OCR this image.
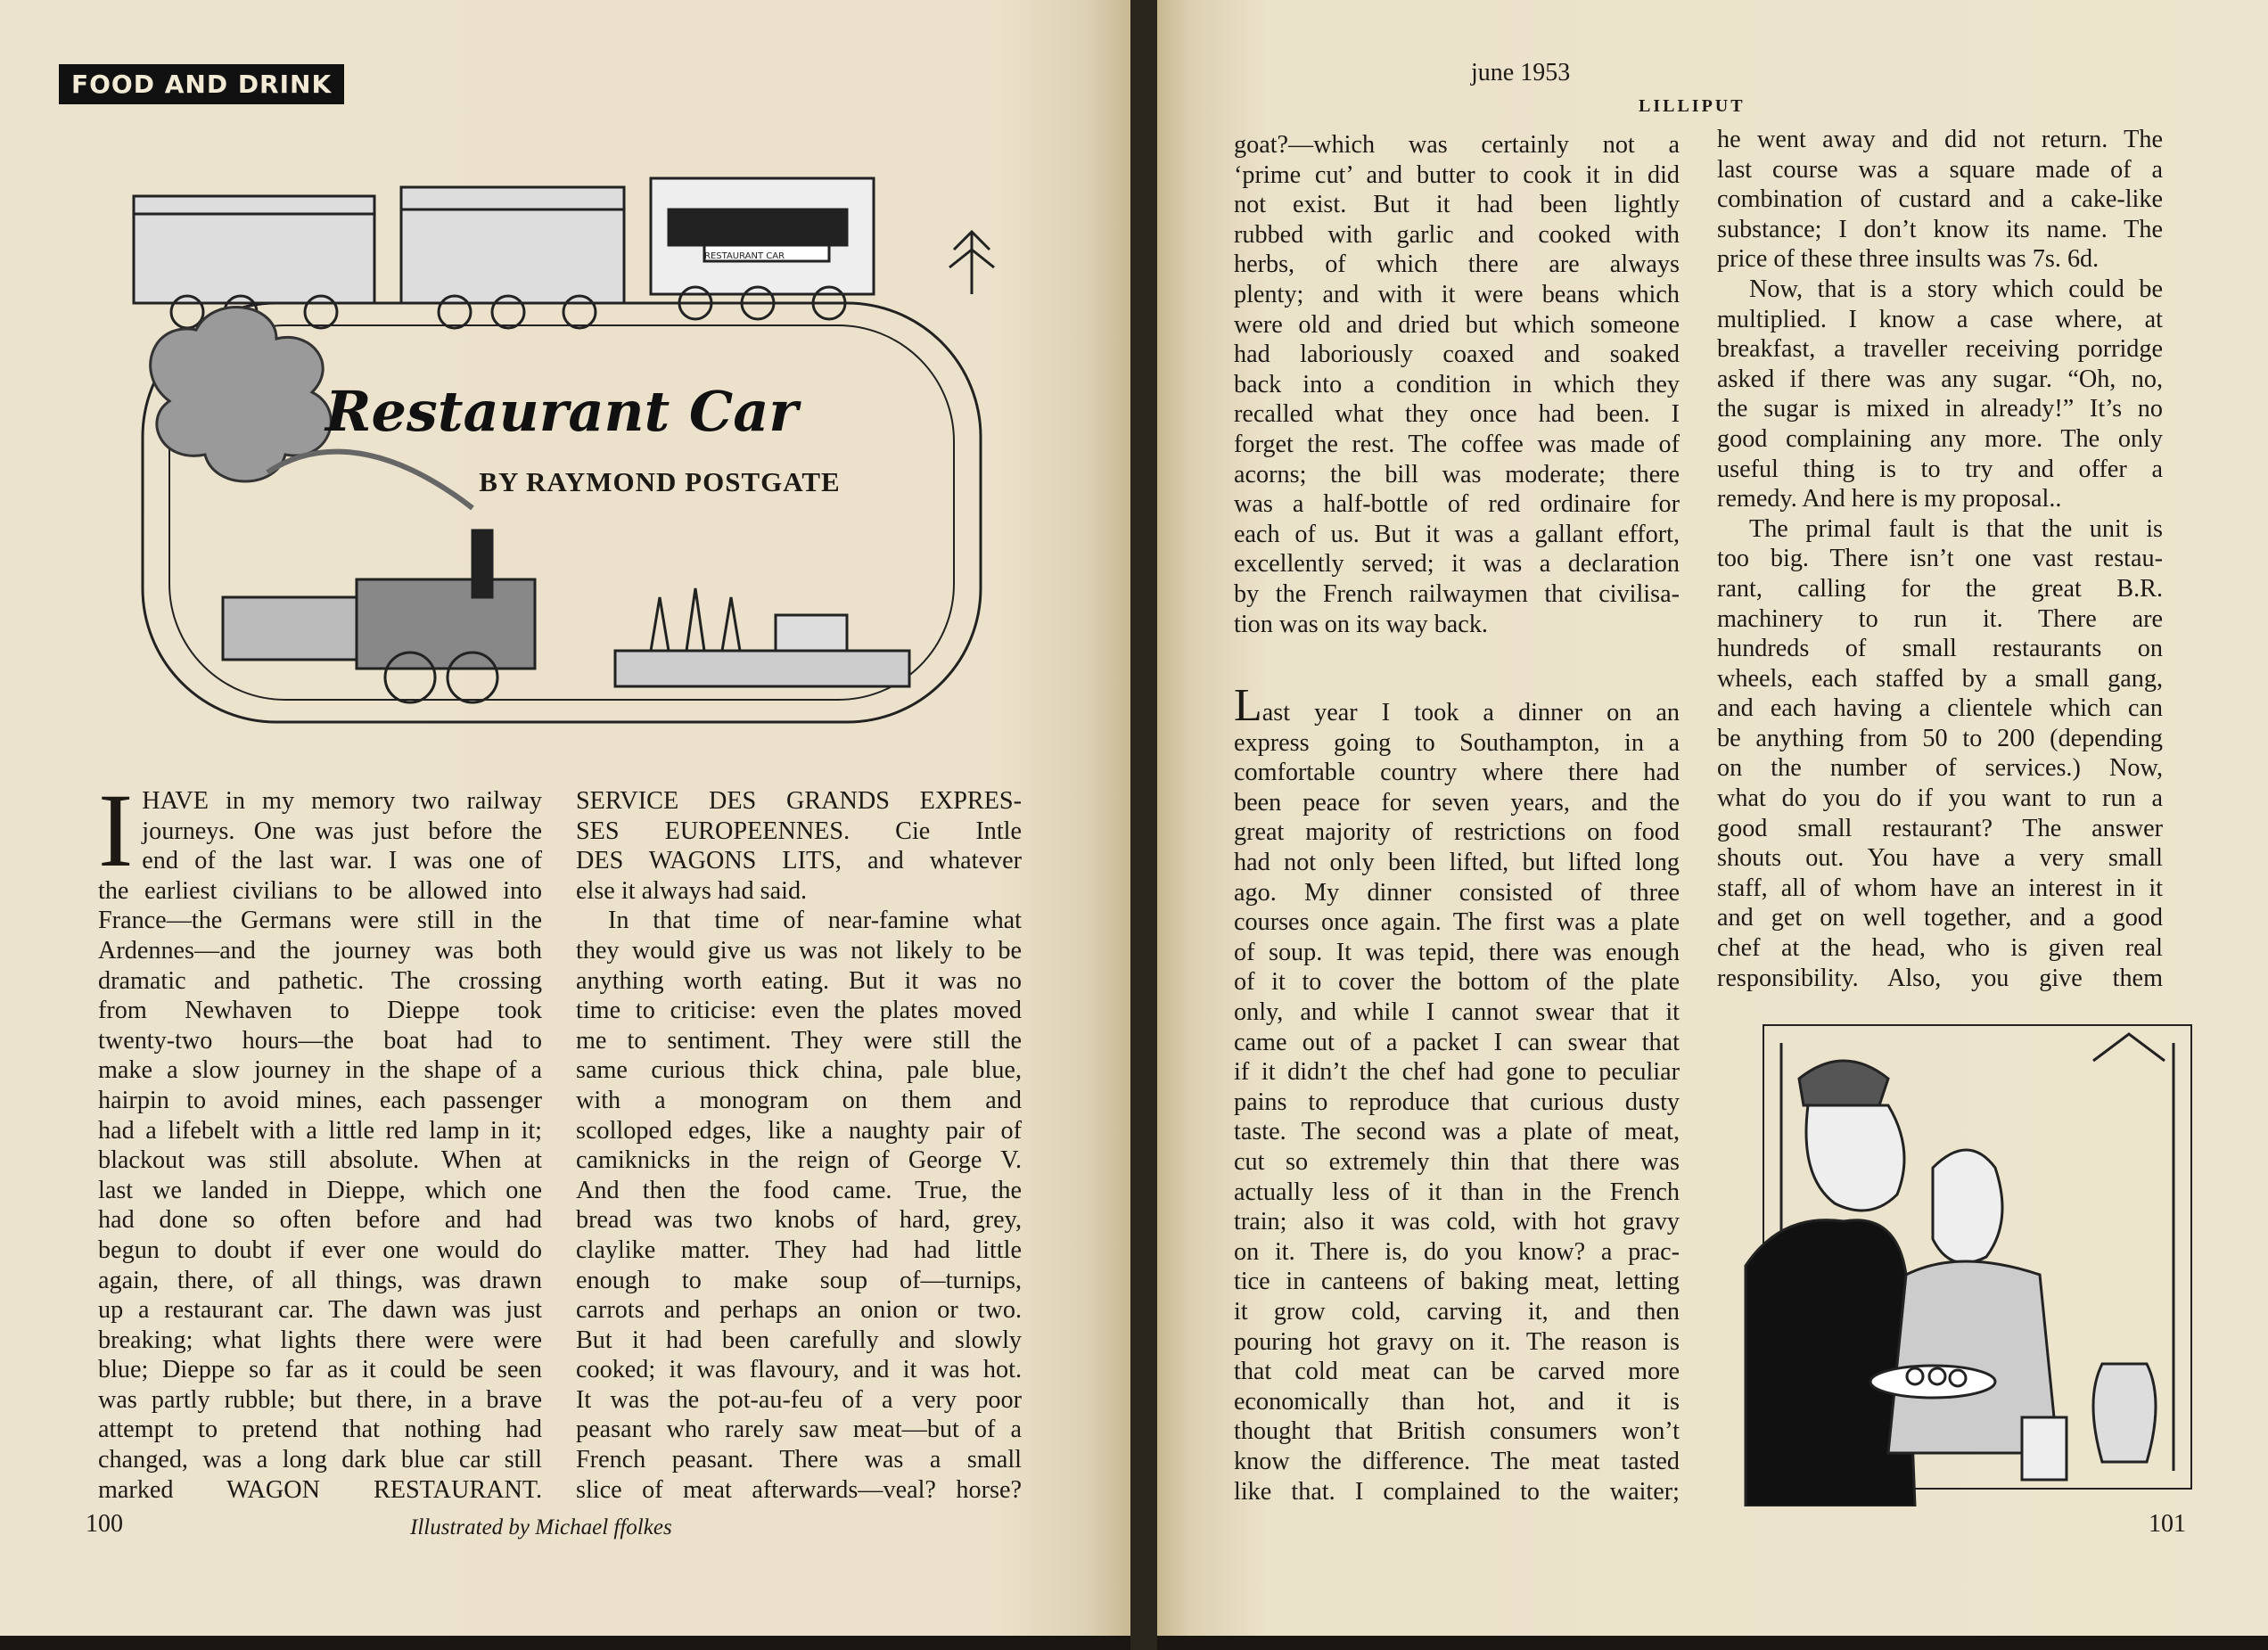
FOOD AND DRINK
RESTAURANT CAR
Restaurant Car
BY RAYMOND POSTGATE
I HAVE in my memory two railway
journeys. One was just before the
end of the last war. I was one of
the earliest civilians to be allowed into
France—the Germans were still in the
Ardennes—and the journey was both
dramatic and pathetic. The crossing
from Newhaven to Dieppe took
twenty-two hours—the boat had to
make a slow journey in the shape of a
hairpin to avoid mines, each passenger
had a lifebelt with a little red lamp in it;
blackout was still absolute. When at
last we landed in Dieppe, which one
had done so often before and had
begun to doubt if ever one would do
again, there, of all things, was drawn
up a restaurant car. The dawn was just
breaking; what lights there were were
blue; Dieppe so far as it could be seen
was partly rubble; but there, in a brave
attempt to pretend that nothing had
changed, was a long dark blue car still
marked WAGON RESTAURANT.
SERVICE DES GRANDS EXPRES-
SES EUROPEENNES. Cie Intle
DES WAGONS LITS, and whatever
else it always had said.
In that time of near-famine what
they would give us was not likely to be
anything worth eating. But it was no
time to criticise: even the plates moved
me to sentiment. They were still the
same curious thick china, pale blue,
with a monogram on them and
scolloped edges, like a naughty pair of
camiknicks in the reign of George V.
And then the food came. True, the
bread was two knobs of hard, grey,
claylike matter. They had had little
enough to make soup of—turnips,
carrots and perhaps an onion or two.
But it had been carefully and slowly
cooked; it was flavoury, and it was hot.
It was the pot-au-feu of a very poor
peasant who rarely saw meat—but of a
French peasant. There was a small
slice of meat afterwards—veal? horse?
100	Illustrated by Michael ffolkes
june 1953
LILLIPUT
goat?—which was certainly not a
‘prime cut’ and butter to cook it in did
not exist. But it had been lightly
rubbed with garlic and cooked with
herbs, of which there are always
plenty; and with it were beans which
were old and dried but which someone
had laboriously coaxed and soaked
back into a condition in which they
recalled what they once had been. I
forget the rest. The coffee was made of
acorns; the bill was moderate; there
was a half-bottle of red ordinaire for
each of us. But it was a gallant effort,
excellently served; it was a declaration
by the French railwaymen that civilisa-
tion was on its way back.
Last year I took a dinner on an
express going to Southampton, in a
comfortable country where there had
been peace for seven years, and the
great majority of restrictions on food
had not only been lifted, but lifted long
ago. My dinner consisted of three
courses once again. The first was a plate
of soup. It was tepid, there was enough
of it to cover the bottom of the plate
only, and while I cannot swear that it
came out of a packet I can swear that
if it didn’t the chef had gone to peculiar
pains to reproduce that curious dusty
taste. The second was a plate of meat,
cut so extremely thin that there was
actually less of it than in the French
train; also it was cold, with hot gravy
on it. There is, do you know? a prac-
tice in canteens of baking meat, letting
it grow cold, carving it, and then
pouring hot gravy on it. The reason is
that cold meat can be carved more
economically than hot, and it is
thought that British consumers won’t
know the difference. The meat tasted
like that. I complained to the waiter;
he went away and did not return. The
last course was a square made of a
combination of custard and a cake-like
substance; I don’t know its name. The
price of these three insults was 7s. 6d.
Now, that is a story which could be
multiplied. I know a case where, at
breakfast, a traveller receiving porridge
asked if there was any sugar. “Oh, no,
the sugar is mixed in already!” It’s no
good complaining any more. The only
useful thing is to try and offer a
remedy. And here is my proposal..
The primal fault is that the unit is
too big. There isn’t one vast restau-
rant, calling for the great B.R.
machinery to run it. There are
hundreds of small restaurants on
wheels, each staffed by a small gang,
and each having a clientele which can
be anything from 50 to 200 (depending
on the number of services.) Now,
what do you do if you want to run a
good small restaurant? The answer
shouts out. You have a very small
staff, all of whom have an interest in it
and get on well together, and a good
chef at the head, who is given real
responsibility. Also, you give them
101
